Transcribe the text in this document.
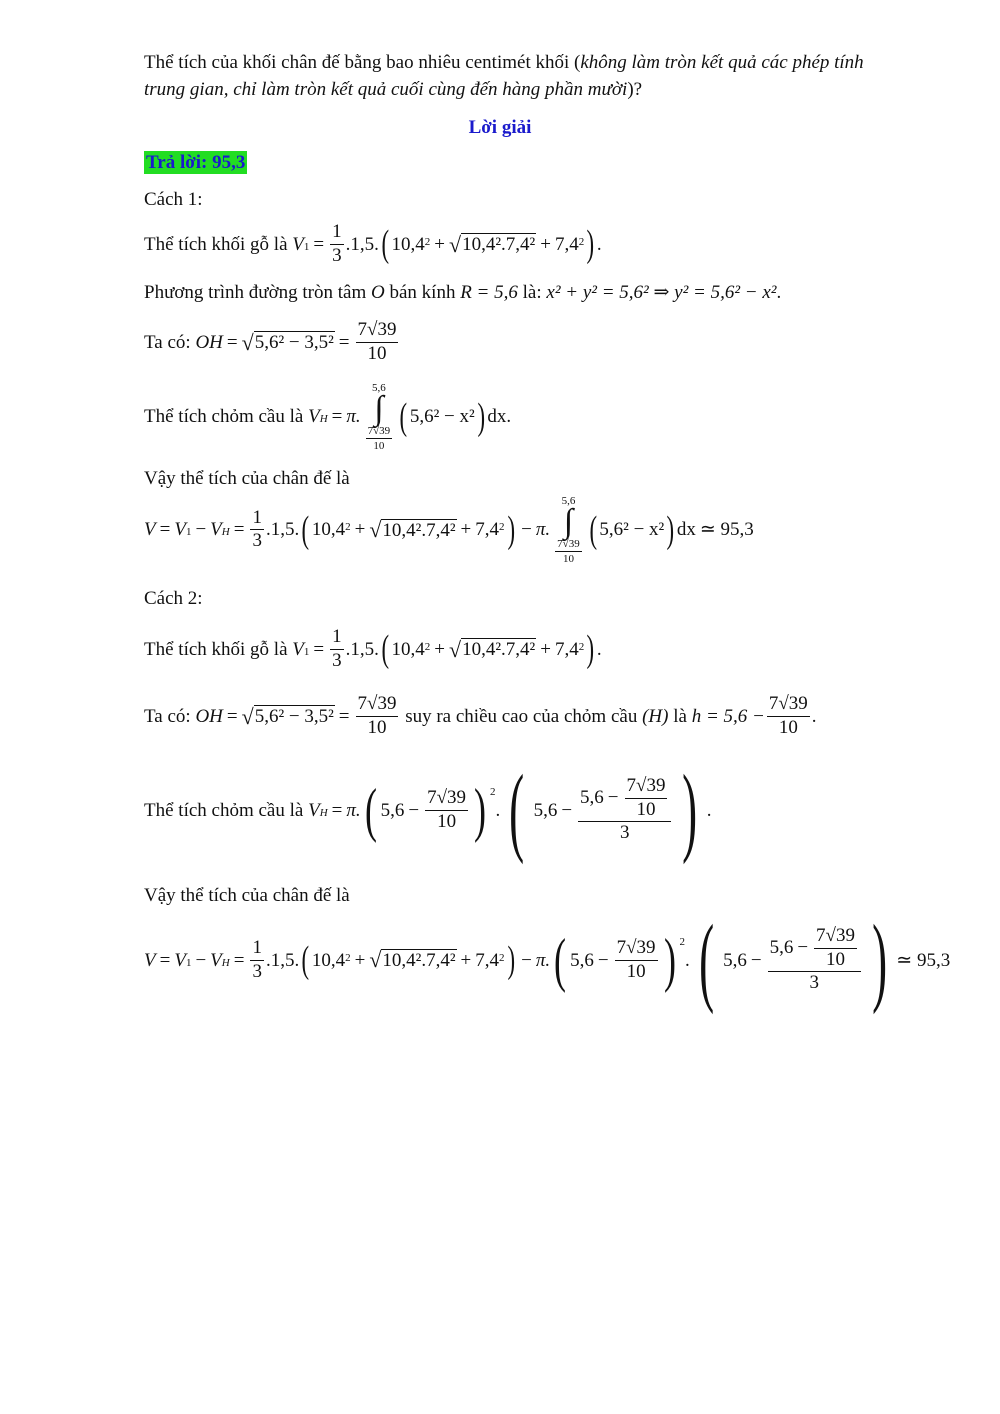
Thể tích của khối chân đế bằng bao nhiêu centimét khối (không làm tròn kết quả các phép tính
trung gian, chỉ làm tròn kết quả cuối cùng đến hàng phần mười)?
Lời giải
Trả lời: 95,3
Cách 1:
Thể tích khối gỗ là
$V_1 = \frac{1}{3} .1,5$. ( $10,4^2$ + √ $10,4^2.7,4^2 + 7,4^2$ ) .
Phương trình đường tròn tâm O bán kính R = 5,6 là: x² + y² = 5,6² ⇒ y² = 5,6² − x².
Ta có:
OH = √ $5,6^2 - 3,5^2 = \frac{7√39}{10}$
Thể tích chỏm cầu là
$V_H = \pi$.
5,6
∫
$\frac{7√39}{10}$
( 5,6² − x² ) dx .
Vậy thể tích của chân đế là
$V = V_1 - V_H = \frac{1}{3} .1,5$. ( $10,4^2$ + √ $10,4^2.7,4^2 + 7,4^2$ ) − π.
5,6
∫
$\frac{7√39}{10}$
( 5,6² − x² ) dx ≃ 95,3
Cách 2:
Thể tích khối gỗ là
$V_1 = \frac{1}{3} .1,5$. ( $10,4^2$ + √ $10,4^2.7,4^2 + 7,4^2$ ) .
Ta có:
OH = √ $5,6^2 - 3,5^2 = \frac{7√39}{10}$
suy ra chiều cao của chỏm cầu
(H)
là
$h = 5,6 - \frac{7√39}{10}$ .
Thể tích chỏm cầu là
$V_H = \pi$. ( $5,6 - \frac{7√39}{10}$ ) $^2$
. ( $5,6 - \frac{5,6 - \frac{7√39}{10}}{3}$ ) .
Vậy thể tích của chân đế là
$V = V_1 - V_H = \frac{1}{3} .1,5$. ( $10,4^2$ + √ $10,4^2.7,4^2 + 7,4^2$ ) − π. ( $5,6 - \frac{7√39}{10}$ ) $^2$
. ( $5,6 - \frac{5,6 - \frac{7√39}{10}}{3}$ ) ≃ 95,3
